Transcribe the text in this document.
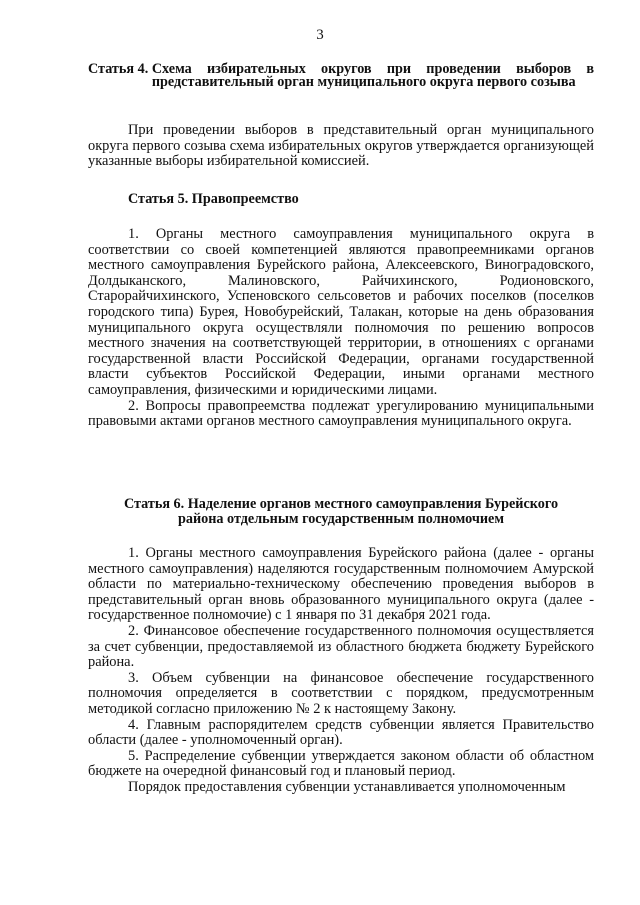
3
Статья 4.
Схема избирательных округов при проведении выборов в представительный орган муниципального округа первого созыва

При проведении выборов в представительный орган муниципального округа первого созыва схема избирательных округов утверждается организующей указанные выборы избирательной комиссией.

Статья 5. Правопреемство

1. Органы местного самоуправления муниципального округа в соответствии со своей компетенцией являются правопреемниками органов местного самоуправления Бурейского района, Алексеевского, Виноградовского, Долдыканского, Малиновского, Райчихинского, Родионовского, Старорайчихинского, Успеновского сельсоветов и рабочих поселков (поселков городского типа) Бурея, Новобурейский, Талакан, которые на день образования муниципального округа осуществляли полномочия по решению вопросов местного значения на соответствующей территории, в отношениях с органами государственной власти Российской Федерации, органами государственной власти субъектов Российской Федерации, иными органами местного самоуправления, физическими и юридическими лицами.

2. Вопросы правопреемства подлежат урегулированию муниципальными правовыми актами органов местного самоуправления муниципального округа.

Статья 6. Наделение органов местного самоуправления Бурейского
района отдельным государственным полномочием

1. Органы местного самоуправления Бурейского района (далее - органы местного самоуправления) наделяются государственным полномочием Амурской области по материально-техническому обеспечению проведения выборов в представительный орган вновь образованного муниципального округа (далее - государственное полномочие) с 1 января по 31 декабря 2021 года.

2. Финансовое обеспечение государственного полномочия осуществляется за счет субвенции, предоставляемой из областного бюджета бюджету Бурейского района.

3. Объем субвенции на финансовое обеспечение государственного полномочия определяется в соответствии с порядком, предусмотренным методикой согласно приложению № 2 к настоящему Закону.

4. Главным распорядителем средств субвенции является Правительство области (далее - уполномоченный орган).

5. Распределение субвенции утверждается законом области об областном бюджете на очередной финансовый год и плановый период.

Порядок предоставления субвенции устанавливается уполномоченным
